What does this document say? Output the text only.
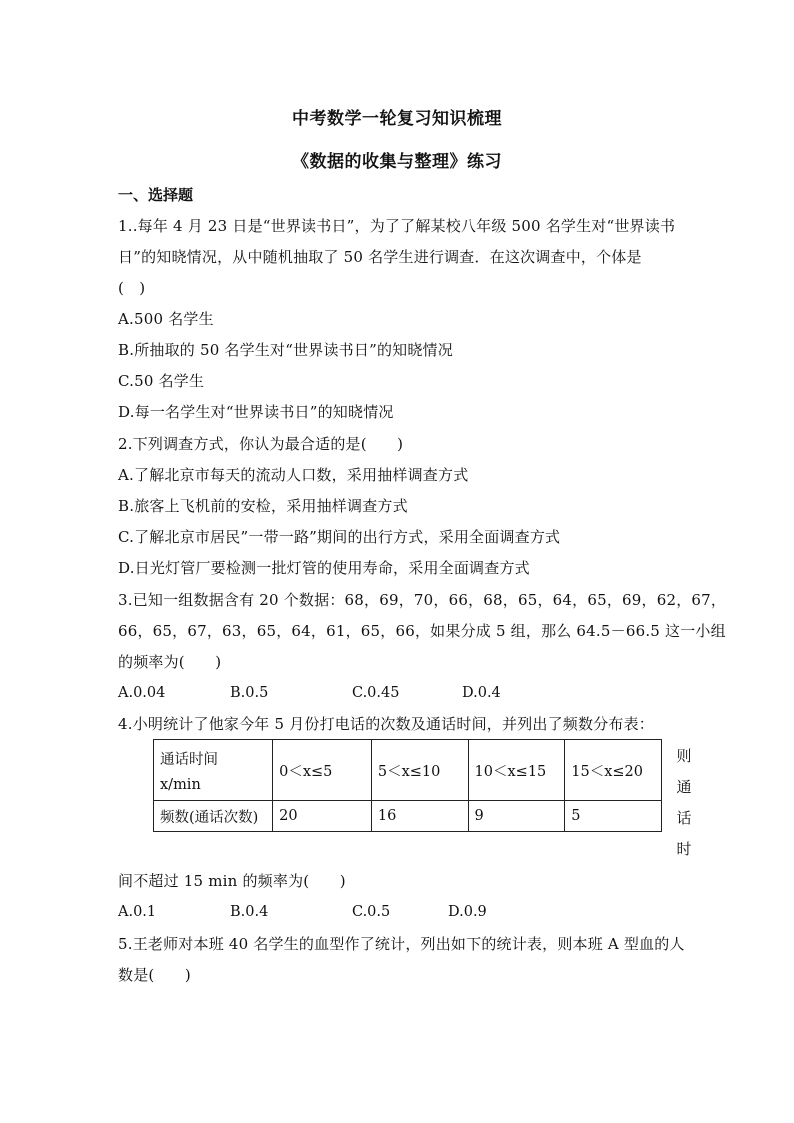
中考数学一轮复习知识梳理
《数据的收集与整理》练习
一、选择题
1..每年 4 月 23 日是“世界读书日”，为了了解某校八年级 500 名学生对“世界读书
日”的知晓情况，从中随机抽取了 50 名学生进行调查．在这次调查中，个体是
(　)
A.500 名学生
B.所抽取的 50 名学生对“世界读书日”的知晓情况
C.50 名学生
D.每一名学生对“世界读书日”的知晓情况
2.下列调查方式，你认为最合适的是(　　)
A.了解北京市每天的流动人口数，采用抽样调查方式
B.旅客上飞机前的安检，采用抽样调查方式
C.了解北京市居民”一带一路”期间的出行方式，采用全面调查方式
D.日光灯管厂要检测一批灯管的使用寿命，采用全面调查方式
3.已知一组数据含有 20 个数据：68，69，70，66，68，65，64，65，69，62，67，
66，65，67，63，65，64，61，65，66，如果分成 5 组，那么 64.5－66.5 这一小组
的频率为(　　)
A.0.04	B.0.5	C.0.45	D.0.4
4.小明统计了他家今年 5 月份打电话的次数及通话时间，并列出了频数分布表：
通话时间
x/min	0＜x≤5	5＜x≤10	10＜x≤15	15＜x≤20
频数(通话次数)	20	16	9	5
则
通
话
时
间不超过 15 min 的频率为(　　)
A.0.1	B.0.4	C.0.5	D.0.9
5.王老师对本班 40 名学生的血型作了统计，列出如下的统计表，则本班 A 型血的人
数是(　　)
